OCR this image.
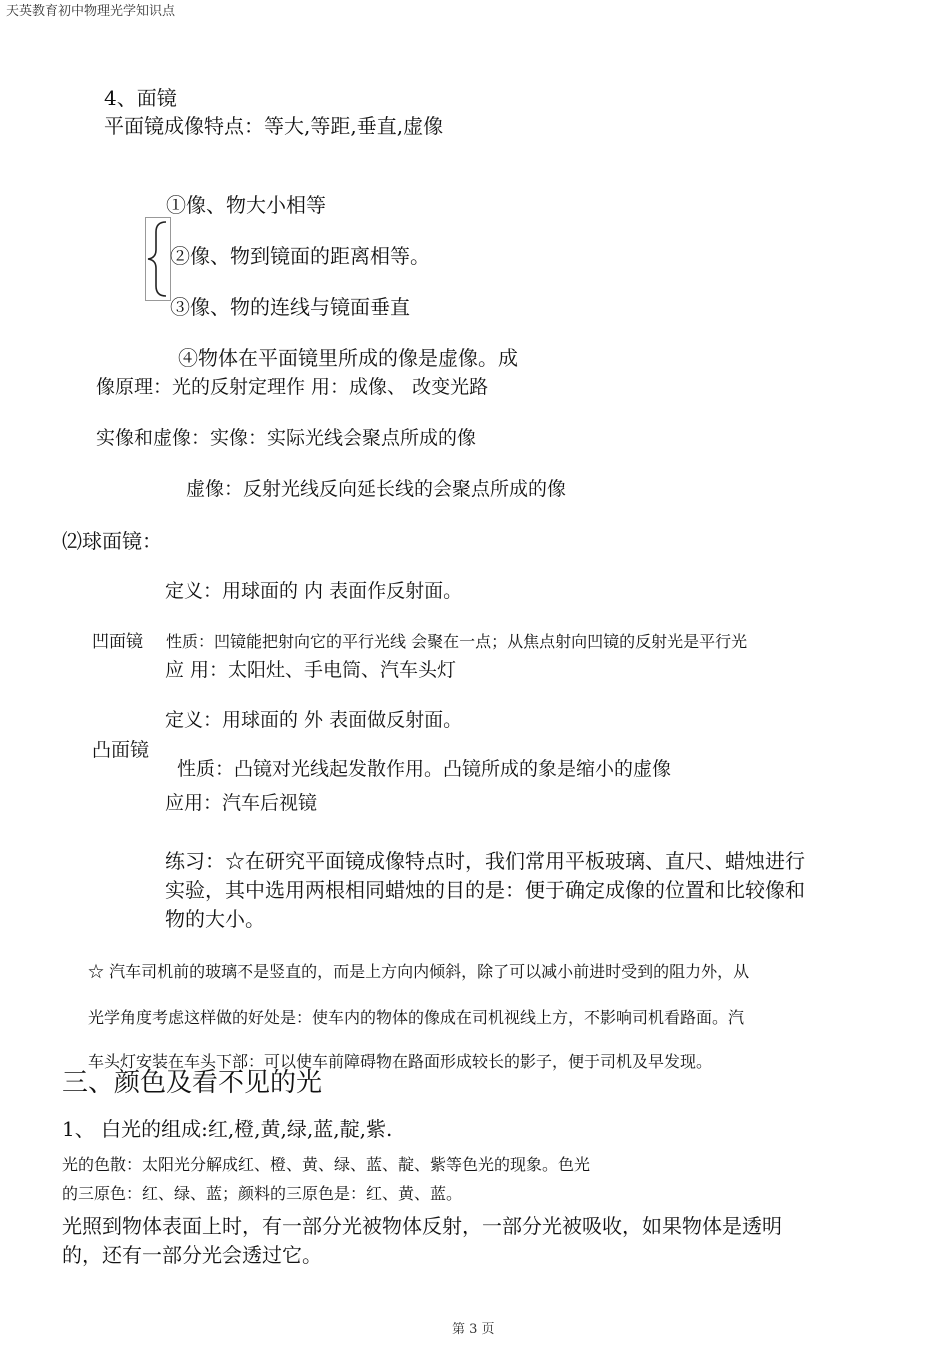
天英教育初中物理光学知识点
4、面镜
平面镜成像特点：等大,等距,垂直,虚像
①像、物大小相等
②像、物到镜面的距离相等。
③像、物的连线与镜面垂直
④物体在平面镜里所成的像是虚像。成
像原理：光的反射定理作 用：成像、 改变光路
实像和虚像：实像：实际光线会聚点所成的像
虚像：反射光线反向延长线的会聚点所成的像
⑵球面镜：
定义：用球面的 内 表面作反射面。
凹面镜 性质：凹镜能把射向它的平行光线 会聚在一点；从焦点射向凹镜的反射光是平行光
应 用：太阳灶、手电筒、汽车头灯
定义：用球面的 外 表面做反射面。
凸面镜
性质：凸镜对光线起发散作用。凸镜所成的象是缩小的虚像
应用：汽车后视镜
练习：☆在研究平面镜成像特点时，我们常用平板玻璃、直尺、蜡烛进行
实验，其中选用两根相同蜡烛的目的是：便于确定成像的位置和比较像和
物的大小。
☆ 汽车司机前的玻璃不是竖直的，而是上方向内倾斜，除了可以减小前进时受到的阻力外，从
光学角度考虑这样做的好处是：使车内的物体的像成在司机视线上方，不影响司机看路面。汽
车头灯安装在车头下部：可以使车前障碍物在路面形成较长的影子，便于司机及早发现。
三、颜色及看不见的光
1、 白光的组成:红,橙,黄,绿,蓝,靛,紫.
光的色散：太阳光分解成红、橙、黄、绿、蓝、靛、紫等色光的现象。色光
的三原色：红、绿、蓝；颜料的三原色是：红、黄、蓝。
光照到物体表面上时，有一部分光被物体反射，一部分光被吸收，如果物体是透明
的，还有一部分光会透过它。
第 3 页
